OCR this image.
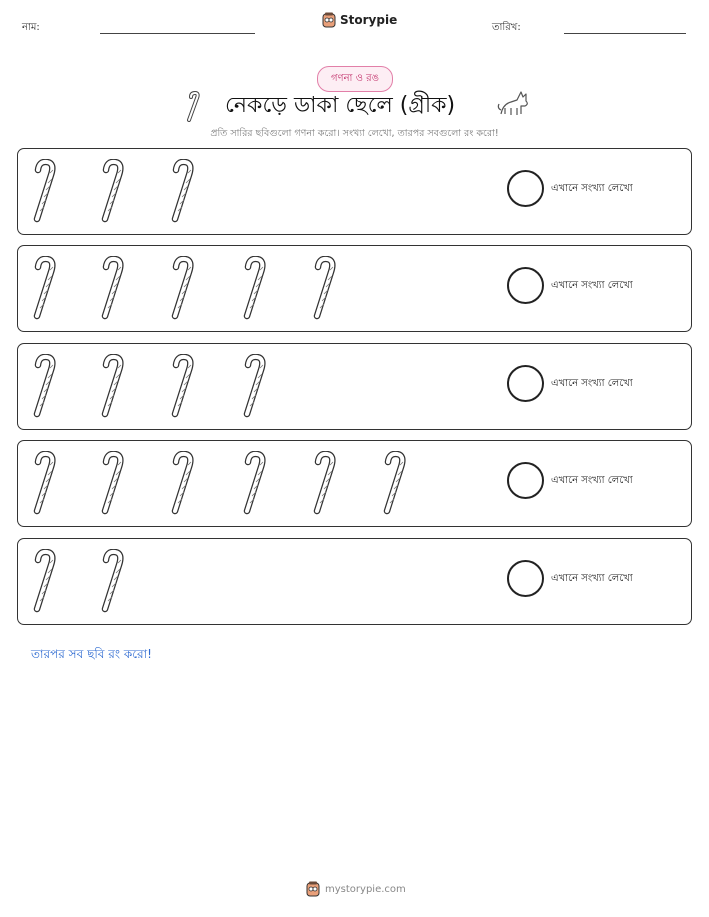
নাম:
Storypie
তারিখ:
গণনা ও রঙ
নেকড়ে ডাকা ছেলে (গ্রীক)
প্রতি সারির ছবিগুলো গণনা করো। সংখ্যা লেখো, তারপর সবগুলো রং করো!
এখানে সংখ্যা লেখো
এখানে সংখ্যা লেখো
এখানে সংখ্যা লেখো
এখানে সংখ্যা লেখো
এখানে সংখ্যা লেখো
তারপর সব ছবি রং করো!
mystorypie.com
